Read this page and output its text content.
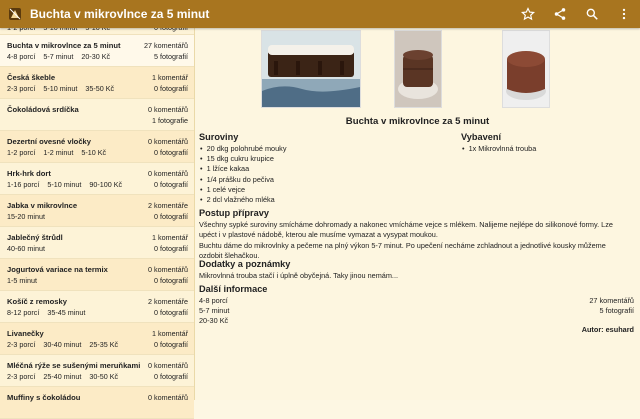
Buchta v mikrovlnce za 5 minut
Buchta v mikrovlnce za 5 minut
4-8 porcí 5-7 minut 20-30 Kč
27 komentářů
5 fotografií
Česká škeble
2-3 porcí 5-10 minut 35-50 Kč
1 komentář
0 fotografií
Čokoládová srdíčka	0 komentářů
1 fotografie
Dezertní ovesné vločky
1-2 porcí 1-2 minut 5-10 Kč
0 komentářů
0 fotografií
Hrk-hrk dort
1-16 porcí 5-10 minut 90-100 Kč
0 komentářů
0 fotografií
Jabka v mikrovlnce
15-20 minut
2 komentáře
0 fotografií
Jablečný štrůdl
40-60 minut
1 komentář
0 fotografií
Jogurtová variace na termix
1-5 minut
0 komentářů
0 fotografií
Košíč z remosky
8-12 porcí 35-45 minut
2 komentáře
0 fotografií
Livanečky
2-3 porcí 30-40 minut 25-35 Kč
1 komentář
0 fotografií
Mléčná rýže se sušenými meruňkami
2-3 porcí 25-40 minut 30-50 Kč
0 komentářů
0 fotografií
Muffiny s čokoládou	0 komentářů
Buchta v mikrovlnce za 5 minut
Suroviny
• 20 dkg polohrubé mouky
• 15 dkg cukru krupice
• 1 lžíce kakaa
• 1/4 prášku do pečiva
• 1 celé vejce
• 2 dcl vlažného mléka
Vybavení
• 1x Mikrovlnná trouba
Postup přípravy
Všechny sypké suroviny smícháme dohromady a nakonec vmícháme vejce s mlékem. Nalijeme nejlépe do silikonové formy. Lze
upéct i v plastové nádobě, kterou ale musíme vymazat a vysypat moukou.
Buchtu dáme do mikrovlnky a pečeme na plný výkon 5-7 minut. Po upečení necháme zchladnout a jednotlivé kousky můžeme
ozdobit šlehačkou.
Dodatky a poznámky
Mikrovlnná trouba stačí i úplně obyčejná. Taky jinou nemám...
Další informace
4-8 porcí	27 komentářů
5-7 minut	5 fotografií
20-30 Kč
Autor: esuhard
